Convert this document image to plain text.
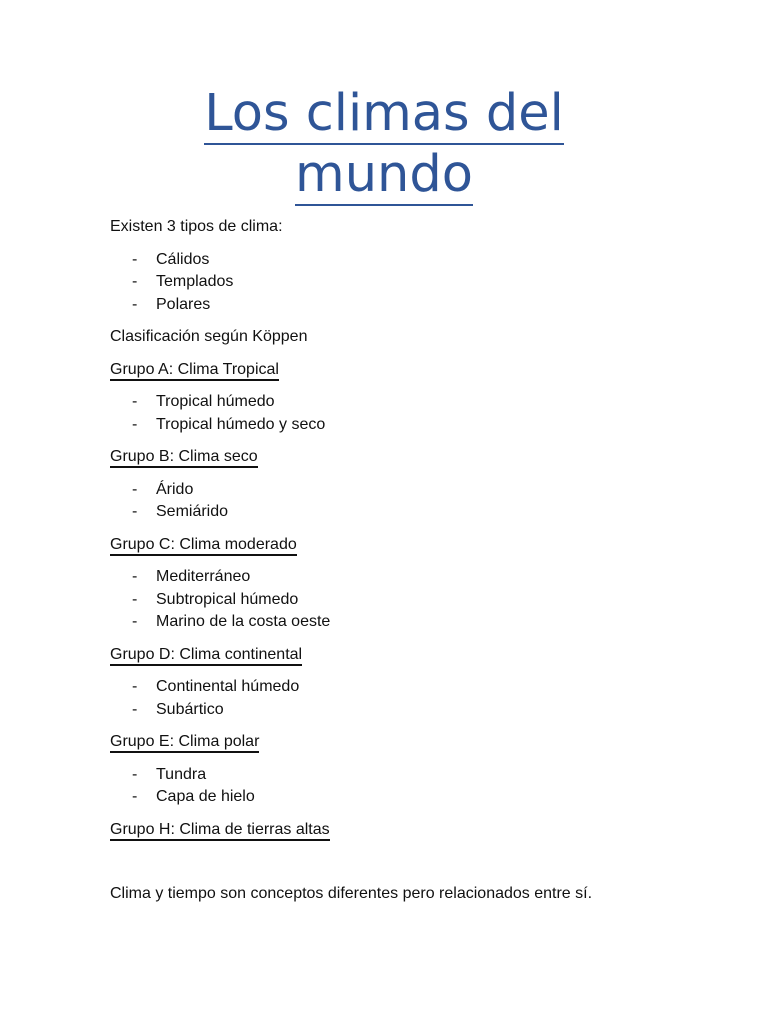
Los climas del
mundo

Existen 3 tipos de clima:

- Cálidos
- Templados
- Polares

Clasificación según Köppen

Grupo A: Clima Tropical

- Tropical húmedo
- Tropical húmedo y seco

Grupo B: Clima seco

- Árido
- Semiárido

Grupo C: Clima moderado

- Mediterráneo
- Subtropical húmedo
- Marino de la costa oeste

Grupo D: Clima continental

- Continental húmedo
- Subártico

Grupo E: Clima polar

- Tundra
- Capa de hielo

Grupo H: Clima de tierras altas

Clima y tiempo son conceptos diferentes pero relacionados entre sí.
